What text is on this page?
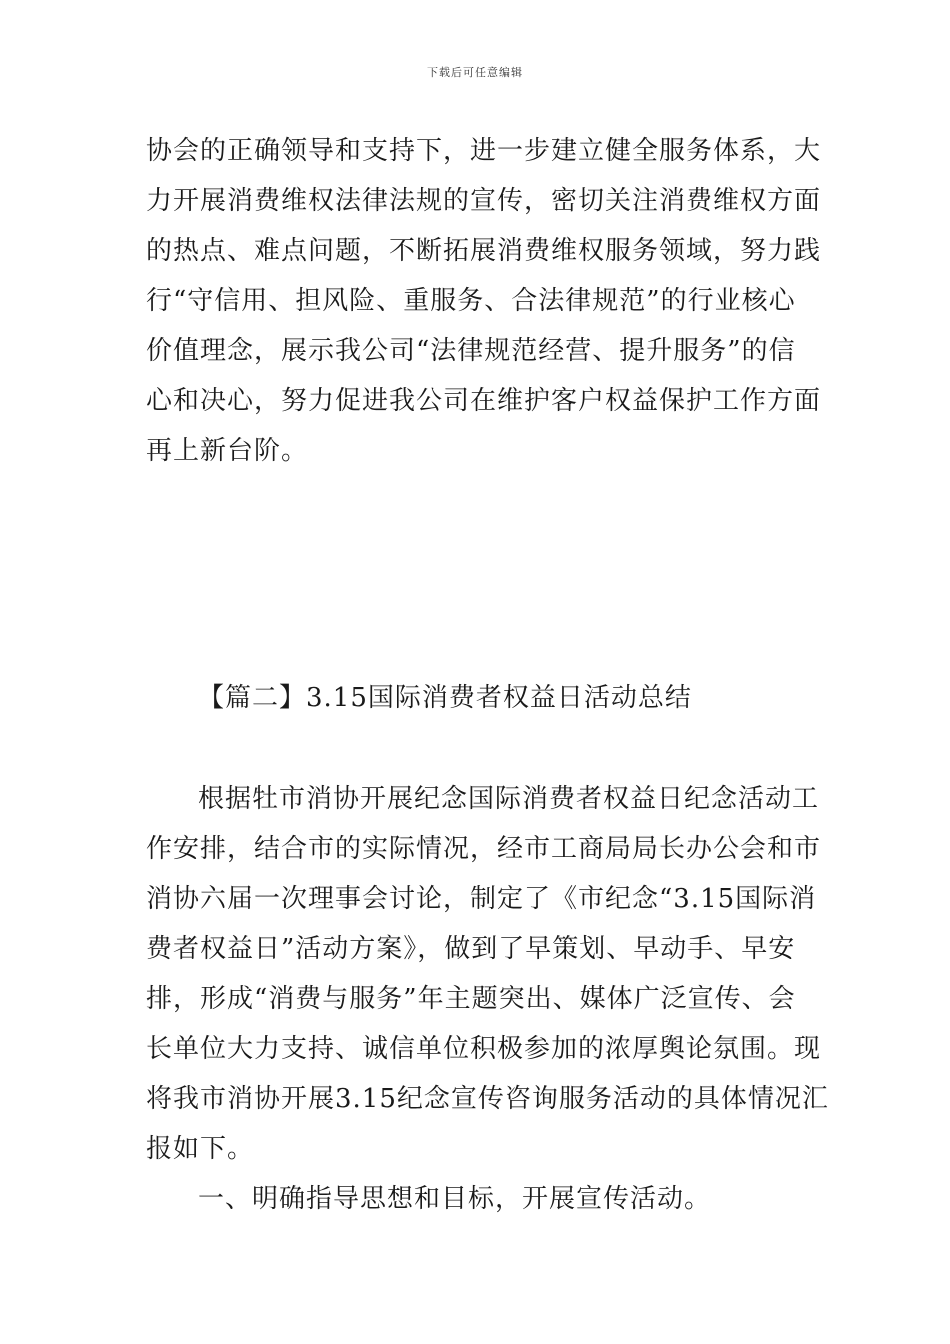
下载后可任意编辑
协会的正确领导和支持下，进一步建立健全服务体系，大
力开展消费维权法律法规的宣传，密切关注消费维权方面
的热点、难点问题，不断拓展消费维权服务领域，努力践
行“守信用、担风险、重服务、合法律规范”的行业核心
价值理念，展示我公司“法律规范经营、提升服务”的信
心和决心，努力促进我公司在维护客户权益保护工作方面
再上新台阶。
【篇二】3.15国际消费者权益日活动总结
根据牡市消协开展纪念国际消费者权益日纪念活动工
作安排，结合市的实际情况，经市工商局局长办公会和市
消协六届一次理事会讨论，制定了《市纪念“3.15国际消
费者权益日”活动方案》，做到了早策划、早动手、早安
排，形成“消费与服务”年主题突出、媒体广泛宣传、会
长单位大力支持、诚信单位积极参加的浓厚舆论氛围。现
将我市消协开展3.15纪念宣传咨询服务活动的具体情况汇
报如下。
一、明确指导思想和目标，开展宣传活动。
